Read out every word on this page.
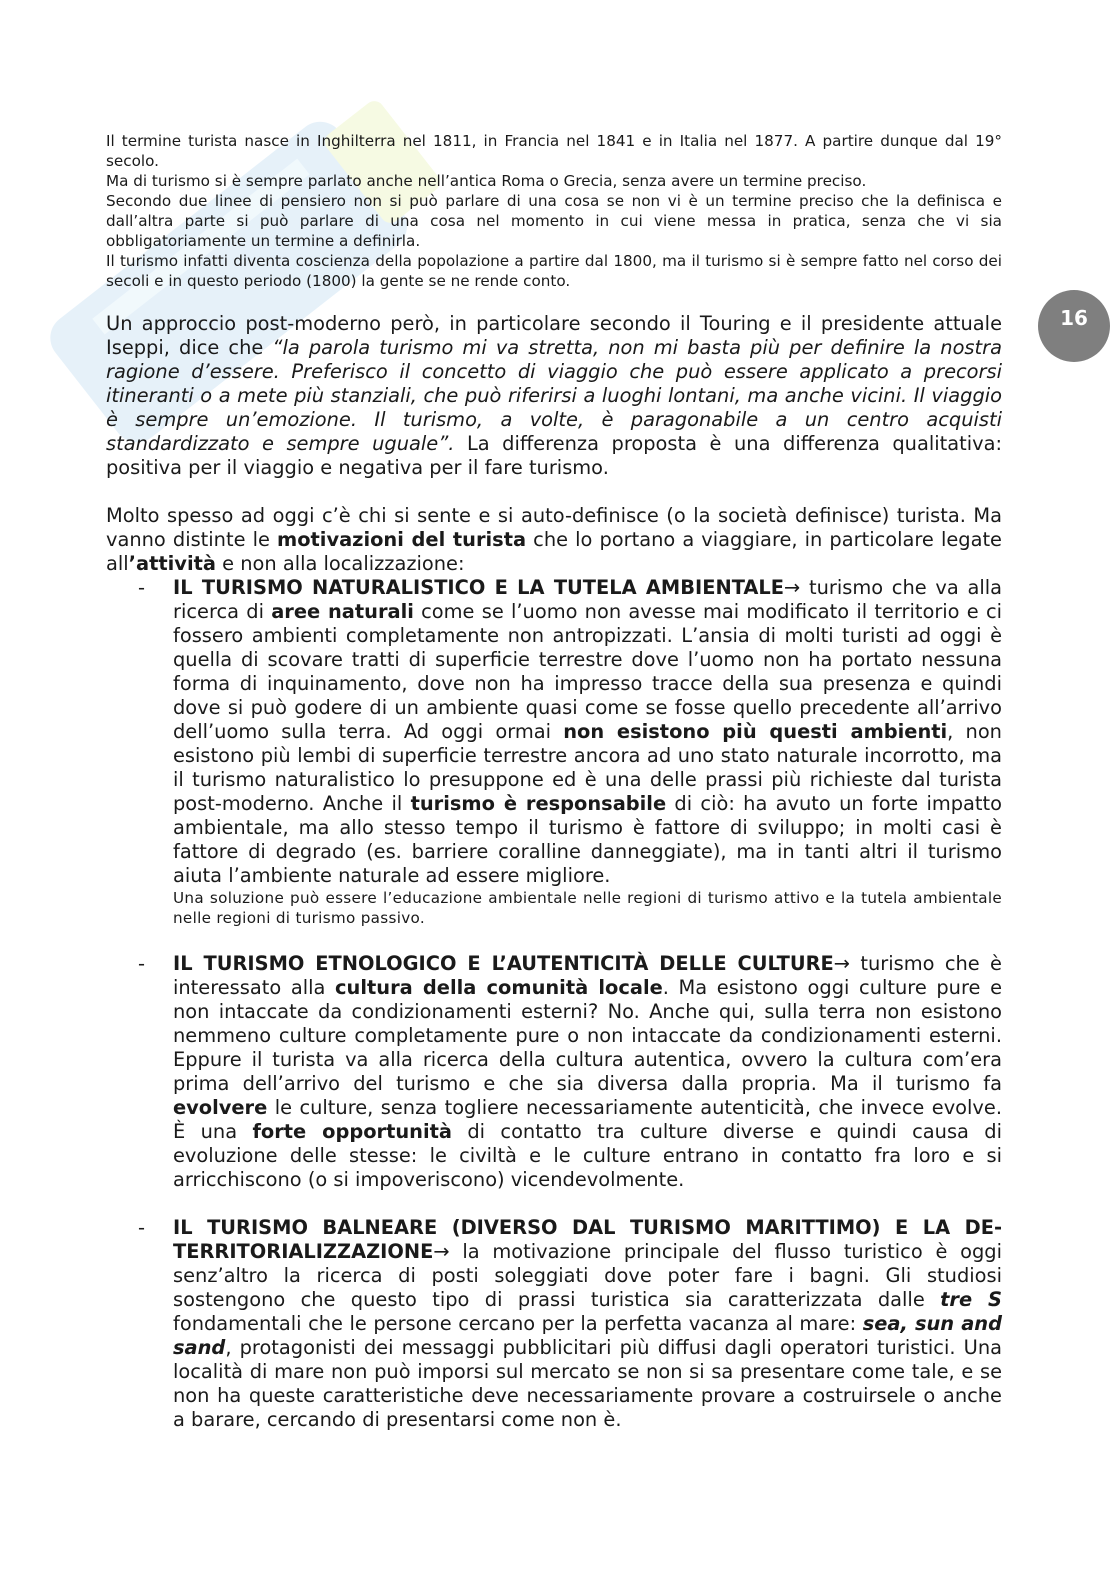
16

Il termine turista nasce in Inghilterra nel 1811, in Francia nel 1841 e in Italia nel 1877. A partire dunque dal 19° secolo.

Ma di turismo si è sempre parlato anche nell’antica Roma o Grecia, senza avere un termine preciso.

Secondo due linee di pensiero non si può parlare di una cosa se non vi è un termine preciso che la definisca e dall’altra parte si può parlare di una cosa nel momento in cui viene messa in pratica, senza che vi sia obbligatoriamente un termine a definirla.

Il turismo infatti diventa coscienza della popolazione a partire dal 1800, ma il turismo si è sempre fatto nel corso dei secoli e in questo periodo (1800) la gente se ne rende conto.

Un approccio post-moderno però, in particolare secondo il Touring e il presidente attuale Iseppi, dice che “la parola turismo mi va stretta, non mi basta più per definire la nostra ragione d’essere. Preferisco il concetto di viaggio che può essere applicato a precorsi itineranti o a mete più stanziali, che può riferirsi a luoghi lontani, ma anche vicini. Il viaggio è sempre un’emozione. Il turismo, a volte, è paragonabile a un centro acquisti standardizzato e sempre uguale”. La differenza proposta è una differenza qualitativa: positiva per il viaggio e negativa per il fare turismo.

Molto spesso ad oggi c’è chi si sente e si auto-definisce (o la società definisce) turista. Ma vanno distinte le motivazioni del turista che lo portano a viaggiare, in particolare legate all’attività e non alla localizzazione:

- IL TURISMO NATURALISTICO E LA TUTELA AMBIENTALE→ turismo che va alla ricerca di aree naturali come se l’uomo non avesse mai modificato il territorio e ci fossero ambienti completamente non antropizzati. L’ansia di molti turisti ad oggi è quella di scovare tratti di superficie terrestre dove l’uomo non ha portato nessuna forma di inquinamento, dove non ha impresso tracce della sua presenza e quindi dove si può godere di un ambiente quasi come se fosse quello precedente all’arrivo dell’uomo sulla terra. Ad oggi ormai non esistono più questi ambienti, non esistono più lembi di superficie terrestre ancora ad uno stato naturale incorrotto, ma il turismo naturalistico lo presuppone ed è una delle prassi più richieste dal turista post-moderno. Anche il turismo è responsabile di ciò: ha avuto un forte impatto ambientale, ma allo stesso tempo il turismo è fattore di sviluppo; in molti casi è fattore di degrado (es. barriere coralline danneggiate), ma in tanti altri il turismo aiuta l’ambiente naturale ad essere migliore.
Una soluzione può essere l’educazione ambientale nelle regioni di turismo attivo e la tutela ambientale nelle regioni di turismo passivo.
- IL TURISMO ETNOLOGICO E L’AUTENTICITÀ DELLE CULTURE→ turismo che è interessato alla cultura della comunità locale. Ma esistono oggi culture pure e non intaccate da condizionamenti esterni? No. Anche qui, sulla terra non esistono nemmeno culture completamente pure o non intaccate da condizionamenti esterni. Eppure il turista va alla ricerca della cultura autentica, ovvero la cultura com’era prima dell’arrivo del turismo e che sia diversa dalla propria. Ma il turismo fa evolvere le culture, senza togliere necessariamente autenticità, che invece evolve. È una forte opportunità di contatto tra culture diverse e quindi causa di evoluzione delle stesse: le civiltà e le culture entrano in contatto fra loro e si arricchiscono (o si impoveriscono) vicendevolmente.
- IL TURISMO BALNEARE (DIVERSO DAL TURISMO MARITTIMO) E LA DE-TERRITORIALIZZAZIONE→ la motivazione principale del flusso turistico è oggi senz’altro la ricerca di posti soleggiati dove poter fare i bagni. Gli studiosi sostengono che questo tipo di prassi turistica sia caratterizzata dalle tre S fondamentali che le persone cercano per la perfetta vacanza al mare: sea, sun and sand, protagonisti dei messaggi pubblicitari più diffusi dagli operatori turistici. Una località di mare non può imporsi sul mercato se non si sa presentare come tale, e se non ha queste caratteristiche deve necessariamente provare a costruirsele o anche a barare, cercando di presentarsi come non è.
